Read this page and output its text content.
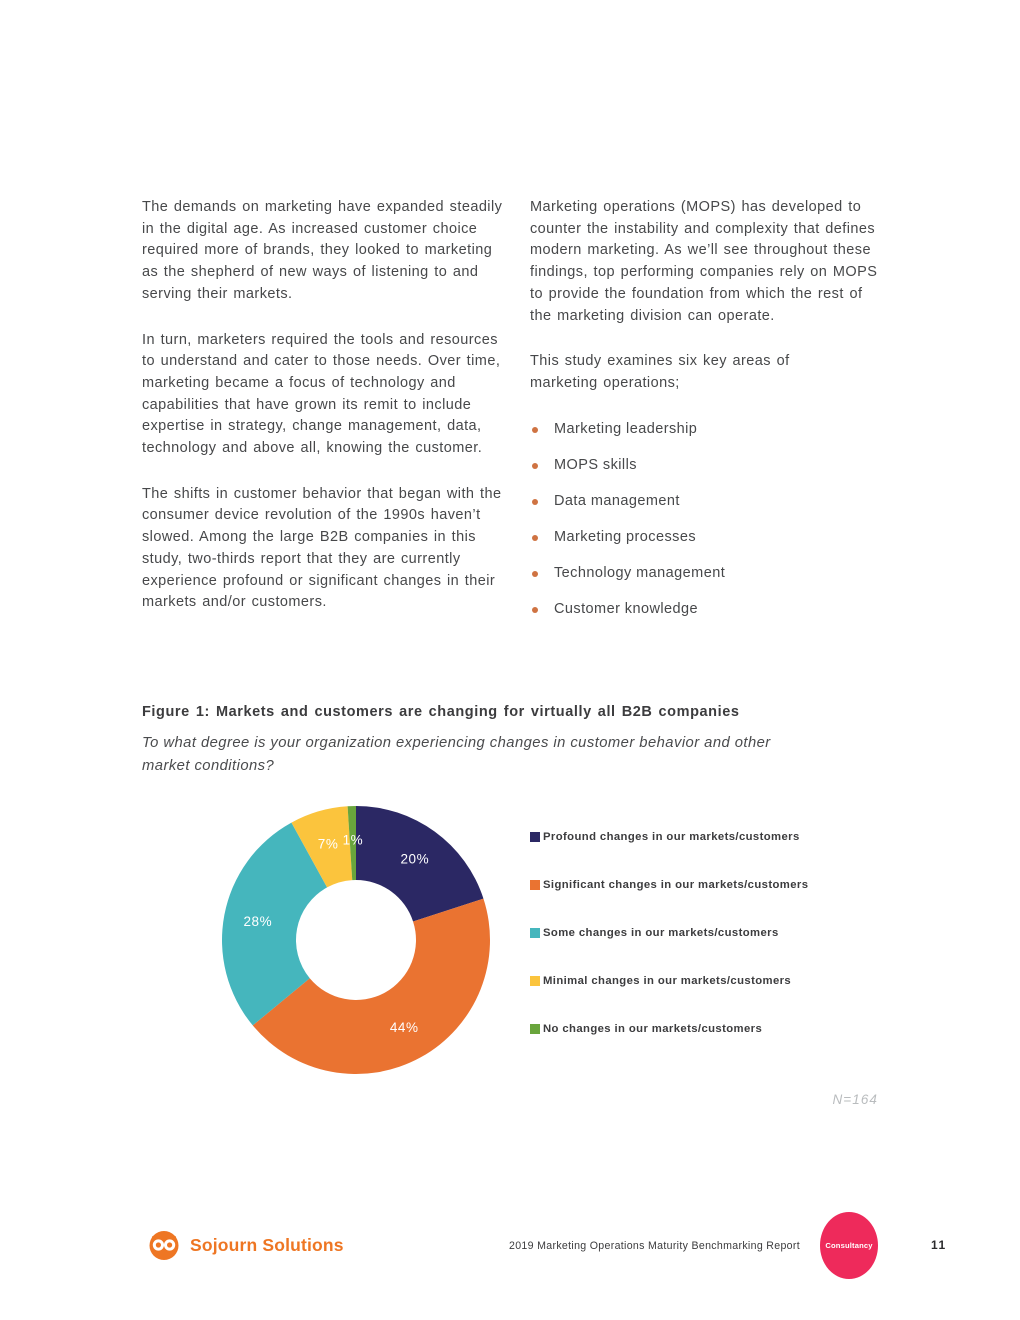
The demands on marketing have expanded steadily in the digital age. As increased customer choice required more of brands, they looked to marketing as the shepherd of new ways of listening to and serving their markets.

In turn, marketers required the tools and resources to understand and cater to those needs. Over time, marketing became a focus of technology and capabilities that have grown its remit to include expertise in strategy, change management, data, technology and above all, knowing the customer.

The shifts in customer behavior that began with the consumer device revolution of the 1990s haven’t slowed. Among the large B2B companies in this study, two-thirds report that they are currently experience profound or significant changes in their markets and/or customers.

Marketing operations (MOPS) has developed to counter the instability and complexity that defines modern marketing. As we’ll see throughout these findings, top performing companies rely on MOPS to provide the foundation from which the rest of the marketing division can operate.

This study examines six key areas of marketing operations;

Marketing leadership
MOPS skills
Data management
Marketing processes
Technology management
Customer knowledge
Figure 1: Markets and customers are changing for virtually all B2B companies

To what degree is your organization experiencing changes in customer behavior and other market conditions?

20%
44%
28%
7% 1%	Profound changes in our markets/customers
Significant changes in our markets/customers
Some changes in our markets/customers
Minimal changes in our markets/customers
No changes in our markets/customers
N=164
Sojourn Solutions	2019 Marketing Operations Maturity Benchmarking Report	Consultancy	11
